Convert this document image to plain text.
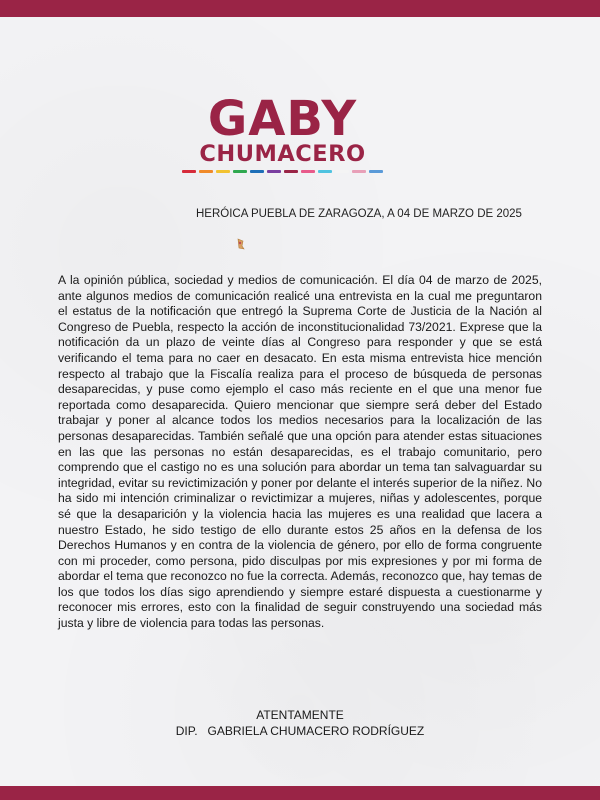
GABY
CHUMACERO
HERÓICA PUEBLA DE ZARAGOZA, A 04 DE MARZO DE 2025

A la opinión pública, sociedad y medios de comunicación. El día 04 de marzo de 2025, ante algunos medios de comunicación realicé una entrevista en la cual me preguntaron el estatus de la notificación que entregó la Suprema Corte de Justicia de la Nación al Congreso de Puebla, respecto la acción de inconstitucionalidad 73/2021. Exprese que la notificación da un plazo de veinte días al Congreso para responder y que se está verificando el tema para no caer en desacato. En esta misma entrevista hice mención respecto al trabajo que la Fiscalía realiza para el proceso de búsqueda de personas desaparecidas, y puse como ejemplo el caso más reciente en el que una menor fue reportada como desaparecida. Quiero mencionar que siempre será deber del Estado trabajar y poner al alcance todos los medios necesarios para la localización de las personas desaparecidas. También señalé que una opción para atender estas situaciones en las que las personas no están desaparecidas, es el trabajo comunitario, pero comprendo que el castigo no es una solución para abordar un tema tan salvaguardar su integridad, evitar su revictimización y poner por delante el interés superior de la niñez. No ha sido mi intención criminalizar o revictimizar a mujeres, niñas y adolescentes, porque sé que la desaparición y la violencia hacia las mujeres es una realidad que lacera a nuestro Estado, he sido testigo de ello durante estos 25 años en la defensa de los Derechos Humanos y en contra de la violencia de género, por ello de forma congruente con mi proceder, como persona, pido disculpas por mis expresiones y por mi forma de abordar el tema que reconozco no fue la correcta. Además, reconozco que, hay temas de los que todos los días sigo aprendiendo y siempre estaré dispuesta a cuestionarme y reconocer mis errores, esto con la finalidad de seguir construyendo una sociedad más justa y libre de violencia para todas las personas.

ATENTAMENTE
DIP.   GABRIELA CHUMACERO RODRÍGUEZ
